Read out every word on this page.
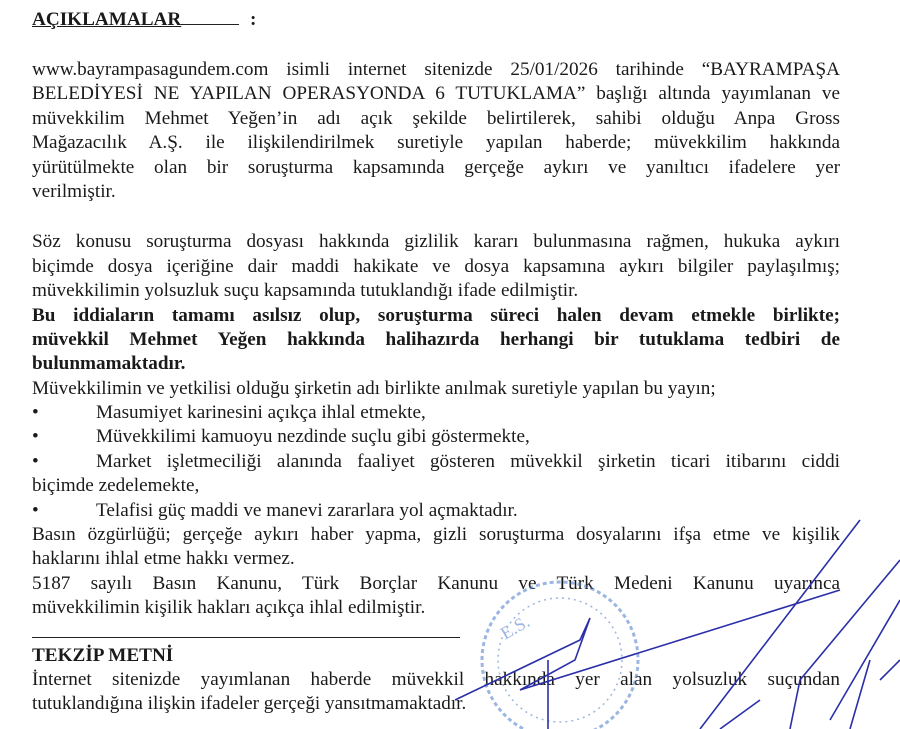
AÇIKLAMALAR	:
www.bayrampasagundem.com isimli internet sitenizde 25/01/2026 tarihinde “BAYRAMPAŞA
BELEDİYESİ NE YAPILAN OPERASYONDA 6 TUTUKLAMA” başlığı altında yayımlanan ve
müvekkilim Mehmet Yeğen’in adı açık şekilde belirtilerek, sahibi olduğu Anpa Gross
Mağazacılık A.Ş. ile ilişkilendirilmek suretiyle yapılan haberde; müvekkilim hakkında
yürütülmekte olan bir soruşturma kapsamında gerçeğe aykırı ve yanıltıcı ifadelere yer
verilmiştir.
Söz konusu soruşturma dosyası hakkında gizlilik kararı bulunmasına rağmen, hukuka aykırı
biçimde dosya içeriğine dair maddi hakikate ve dosya kapsamına aykırı bilgiler paylaşılmış;
müvekkilimin yolsuzluk suçu kapsamında tutuklandığı ifade edilmiştir.
Bu iddiaların tamamı asılsız olup, soruşturma süreci halen devam etmekle birlikte;
müvekkil Mehmet Yeğen hakkında halihazırda herhangi bir tutuklama tedbiri de
bulunmamaktadır.
Müvekkilimin ve yetkilisi olduğu şirketin adı birlikte anılmak suretiyle yapılan bu yayın;
•	Masumiyet karinesini açıkça ihlal etmekte,
•	Müvekkilimi kamuoyu nezdinde suçlu gibi göstermekte,
•	Market işletmeciliği alanında faaliyet gösteren müvekkil şirketin ticari itibarını ciddi
biçimde zedelemekte,
•	Telafisi güç maddi ve manevi zararlara yol açmaktadır.
Basın özgürlüğü; gerçeğe aykırı haber yapma, gizli soruşturma dosyalarını ifşa etme ve kişilik
haklarını ihlal etme hakkı vermez.
5187 sayılı Basın Kanunu, Türk Borçlar Kanunu ve Türk Medeni Kanunu uyarınca
müvekkilimin kişilik hakları açıkça ihlal edilmiştir.
TEKZİP METNİ
İnternet sitenizde yayımlanan haberde müvekkil hakkında yer alan yolsuzluk suçundan
tutuklandığına ilişkin ifadeler gerçeği yansıtmamaktadır.
E.S.
